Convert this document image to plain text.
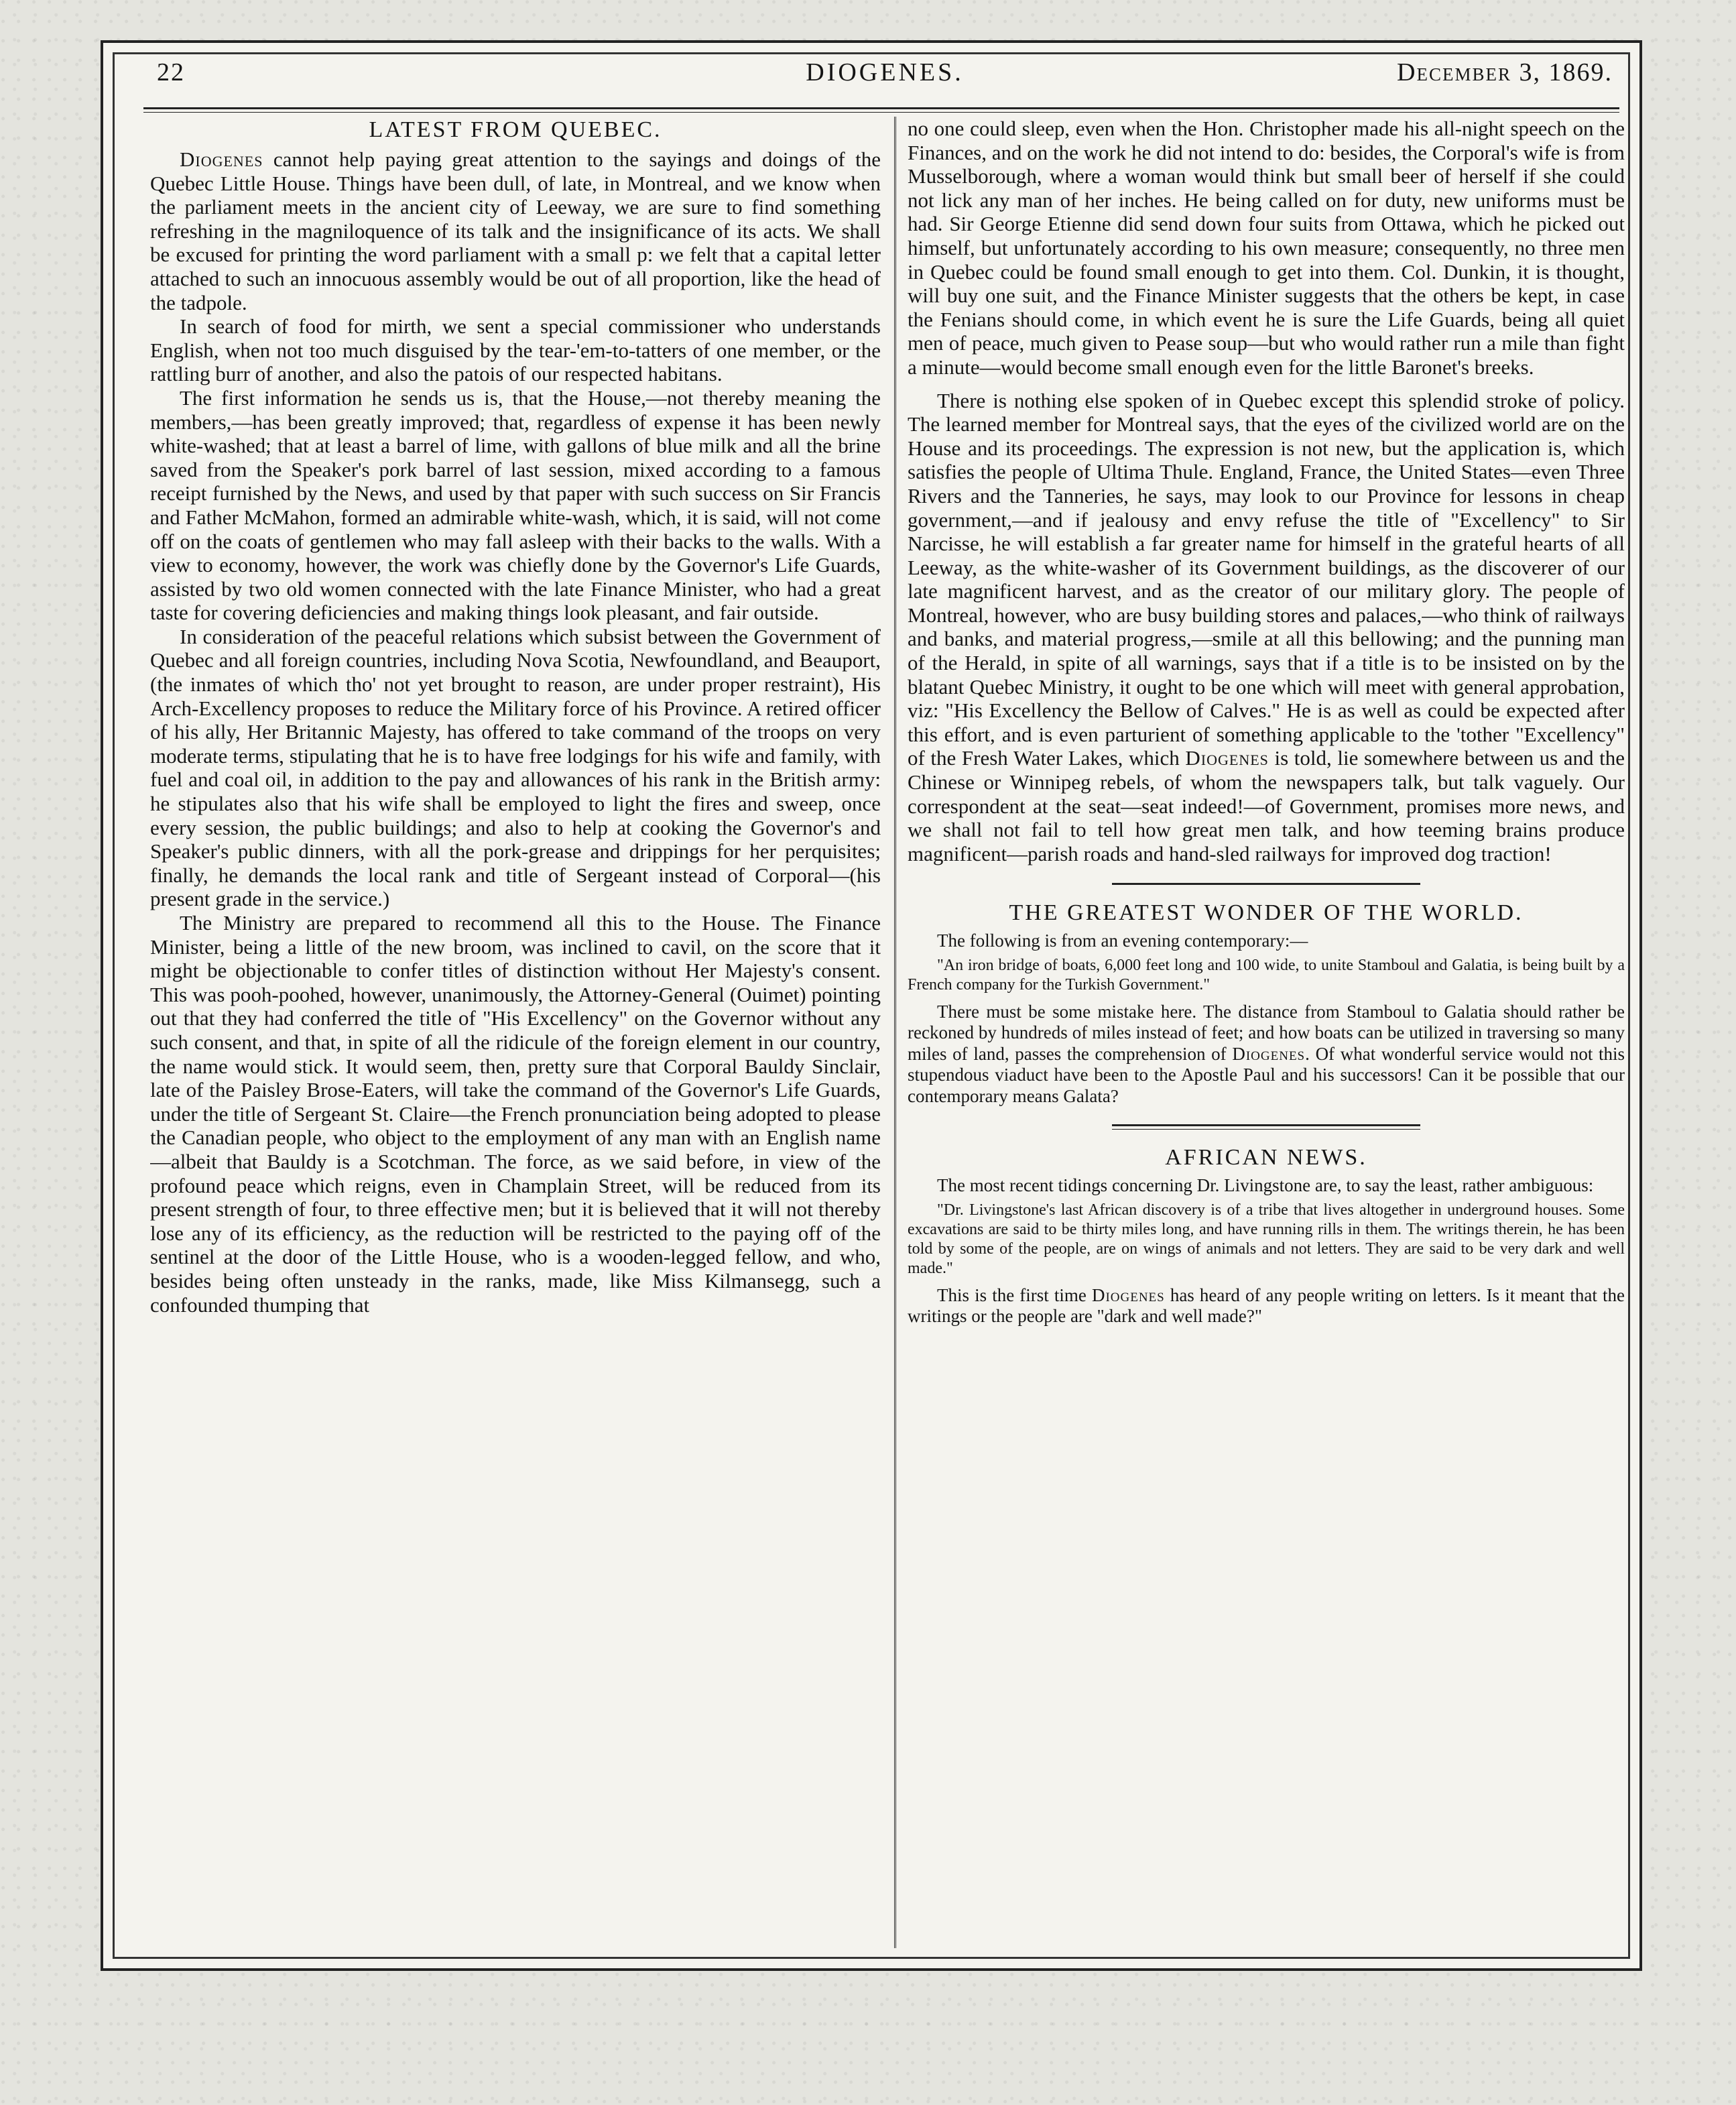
22	DIOGENES.	December 3, 1869.
LATEST FROM QUEBEC.

Diogenes cannot help paying great attention to the sayings and doings of the Quebec Little House. Things have been dull, of late, in Montreal, and we know when the parliament meets in the ancient city of Leeway, we are sure to find something refreshing in the magniloquence of its talk and the insignificance of its acts. We shall be excused for printing the word parliament with a small p: we felt that a capital letter attached to such an innocuous assembly would be out of all proportion, like the head of the tadpole.

In search of food for mirth, we sent a special commissioner who understands English, when not too much disguised by the tear-'em-to-tatters of one member, or the rattling burr of another, and also the patois of our respected habitans.

The first information he sends us is, that the House,—not thereby meaning the members,—has been greatly improved; that, regardless of expense it has been newly white-washed; that at least a barrel of lime, with gallons of blue milk and all the brine saved from the Speaker's pork barrel of last session, mixed according to a famous receipt furnished by the News, and used by that paper with such success on Sir Francis and Father McMahon, formed an admirable white-wash, which, it is said, will not come off on the coats of gentlemen who may fall asleep with their backs to the walls. With a view to economy, however, the work was chiefly done by the Governor's Life Guards, assisted by two old women connected with the late Finance Minister, who had a great taste for covering deficiencies and making things look pleasant, and fair outside.

In consideration of the peaceful relations which subsist between the Government of Quebec and all foreign countries, including Nova Scotia, Newfoundland, and Beauport, (the inmates of which tho' not yet brought to reason, are under proper restraint), His Arch-Excellency proposes to reduce the Military force of his Province. A retired officer of his ally, Her Britannic Majesty, has offered to take command of the troops on very moderate terms, stipulating that he is to have free lodgings for his wife and family, with fuel and coal oil, in addition to the pay and allowances of his rank in the British army: he stipulates also that his wife shall be employed to light the fires and sweep, once every session, the public buildings; and also to help at cooking the Governor's and Speaker's public dinners, with all the pork-grease and drippings for her perquisites; finally, he demands the local rank and title of Sergeant instead of Corporal—(his present grade in the service.)

The Ministry are prepared to recommend all this to the House. The Finance Minister, being a little of the new broom, was inclined to cavil, on the score that it might be objectionable to confer titles of distinction without Her Majesty's consent. This was pooh-poohed, however, unanimously, the Attorney-General (Ouimet) pointing out that they had conferred the title of "His Excellency" on the Governor without any such consent, and that, in spite of all the ridicule of the foreign element in our country, the name would stick. It would seem, then, pretty sure that Corporal Bauldy Sinclair, late of the Paisley Brose-Eaters, will take the command of the Governor's Life Guards, under the title of Sergeant St. Claire—the French pronunciation being adopted to please the Canadian people, who object to the employment of any man with an English name—albeit that Bauldy is a Scotchman. The force, as we said before, in view of the profound peace which reigns, even in Champlain Street, will be reduced from its present strength of four, to three effective men; but it is believed that it will not thereby lose any of its efficiency, as the reduction will be restricted to the paying off of the sentinel at the door of the Little House, who is a wooden-legged fellow, and who, besides being often unsteady in the ranks, made, like Miss Kilmansegg, such a confounded thumping that

no one could sleep, even when the Hon. Christopher made his all-night speech on the Finances, and on the work he did not intend to do: besides, the Corporal's wife is from Musselborough, where a woman would think but small beer of herself if she could not lick any man of her inches. He being called on for duty, new uniforms must be had. Sir George Etienne did send down four suits from Ottawa, which he picked out himself, but unfortunately according to his own measure; consequently, no three men in Quebec could be found small enough to get into them. Col. Dunkin, it is thought, will buy one suit, and the Finance Minister suggests that the others be kept, in case the Fenians should come, in which event he is sure the Life Guards, being all quiet men of peace, much given to Pease soup—but who would rather run a mile than fight a minute—would become small enough even for the little Baronet's breeks.

There is nothing else spoken of in Quebec except this splendid stroke of policy. The learned member for Montreal says, that the eyes of the civilized world are on the House and its proceedings. The expression is not new, but the application is, which satisfies the people of Ultima Thule. England, France, the United States—even Three Rivers and the Tanneries, he says, may look to our Province for lessons in cheap government,—and if jealousy and envy refuse the title of "Excellency" to Sir Narcisse, he will establish a far greater name for himself in the grateful hearts of all Leeway, as the white-washer of its Government buildings, as the discoverer of our late magnificent harvest, and as the creator of our military glory. The people of Montreal, however, who are busy building stores and palaces,—who think of railways and banks, and material progress,—smile at all this bellowing; and the punning man of the Herald, in spite of all warnings, says that if a title is to be insisted on by the blatant Quebec Ministry, it ought to be one which will meet with general approbation, viz: "His Excellency the Bellow of Calves." He is as well as could be expected after this effort, and is even parturient of something applicable to the 'tother "Excellency" of the Fresh Water Lakes, which Diogenes is told, lie somewhere between us and the Chinese or Winnipeg rebels, of whom the newspapers talk, but talk vaguely. Our correspondent at the seat—seat indeed!—of Government, promises more news, and we shall not fail to tell how great men talk, and how teeming brains produce magnificent—parish roads and hand-sled railways for improved dog traction!

THE GREATEST WONDER OF THE WORLD.

The following is from an evening contemporary:—

"An iron bridge of boats, 6,000 feet long and 100 wide, to unite Stamboul and Galatia, is being built by a French company for the Turkish Government."

There must be some mistake here. The distance from Stamboul to Galatia should rather be reckoned by hundreds of miles instead of feet; and how boats can be utilized in traversing so many miles of land, passes the comprehension of Diogenes. Of what wonderful service would not this stupendous viaduct have been to the Apostle Paul and his successors! Can it be possible that our contemporary means Galata?

AFRICAN NEWS.

The most recent tidings concerning Dr. Livingstone are, to say the least, rather ambiguous:

"Dr. Livingstone's last African discovery is of a tribe that lives altogether in underground houses. Some excavations are said to be thirty miles long, and have running rills in them. The writings therein, he has been told by some of the people, are on wings of animals and not letters. They are said to be very dark and well made."

This is the first time Diogenes has heard of any people writing on letters. Is it meant that the writings or the people are "dark and well made?"
